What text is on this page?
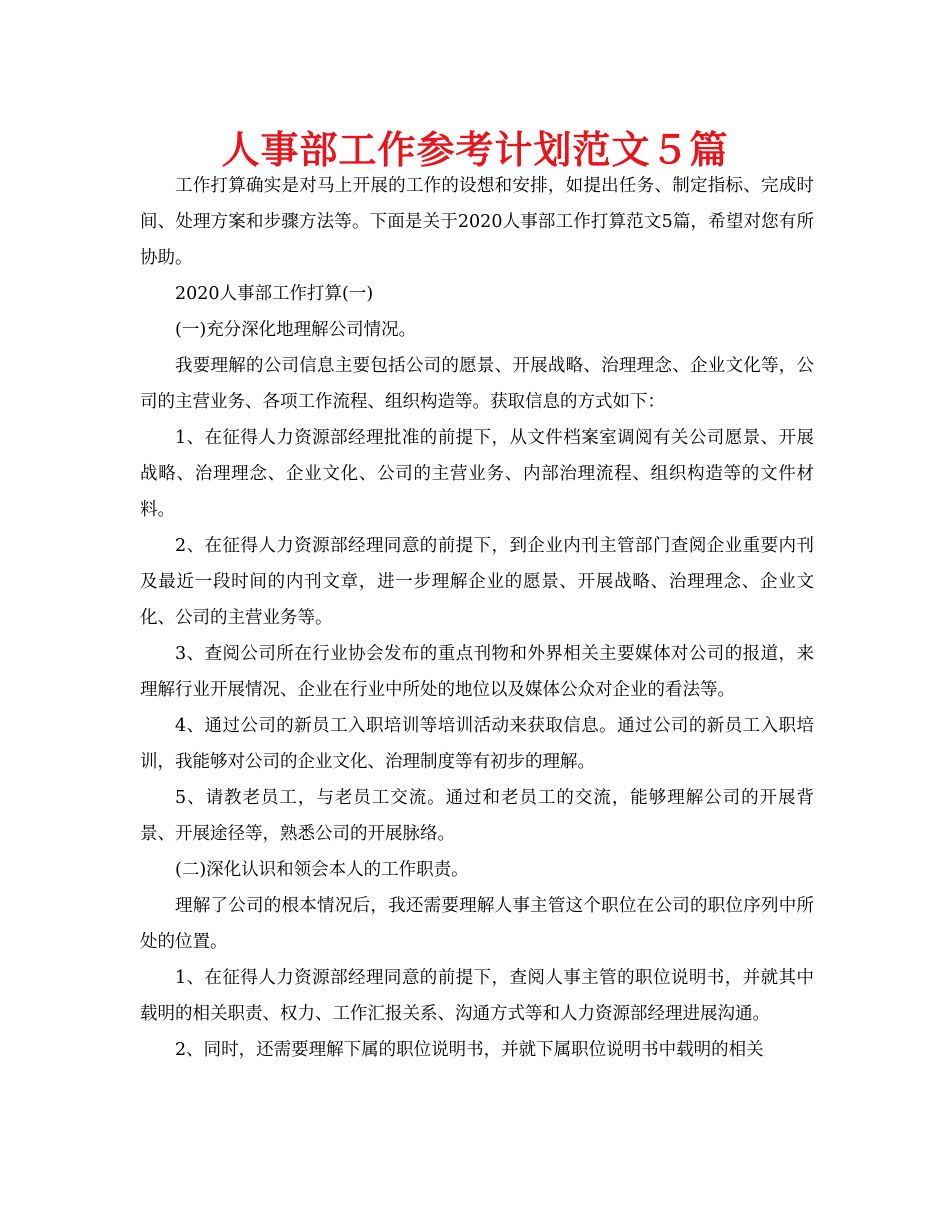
人事部工作参考计划范文５篇

工作打算确实是对马上开展的工作的设想和安排，如提出任务、制定指标、完成时间、处理方案和步骤方法等。下面是关于2020人事部工作打算范文5篇，希望对您有所协助。

2020人事部工作打算(一)

(一)充分深化地理解公司情况。

我要理解的公司信息主要包括公司的愿景、开展战略、治理理念、企业文化等，公司的主营业务、各项工作流程、组织构造等。获取信息的方式如下：

1、在征得人力资源部经理批准的前提下，从文件档案室调阅有关公司愿景、开展战略、治理理念、企业文化、公司的主营业务、内部治理流程、组织构造等的文件材料。

2、在征得人力资源部经理同意的前提下，到企业内刊主管部门查阅企业重要内刊及最近一段时间的内刊文章，进一步理解企业的愿景、开展战略、治理理念、企业文化、公司的主营业务等。

3、查阅公司所在行业协会发布的重点刊物和外界相关主要媒体对公司的报道，来理解行业开展情况、企业在行业中所处的地位以及媒体公众对企业的看法等。

4、通过公司的新员工入职培训等培训活动来获取信息。通过公司的新员工入职培训，我能够对公司的企业文化、治理制度等有初步的理解。

5、请教老员工，与老员工交流。通过和老员工的交流，能够理解公司的开展背景、开展途径等，熟悉公司的开展脉络。

(二)深化认识和领会本人的工作职责。

理解了公司的根本情况后，我还需要理解人事主管这个职位在公司的职位序列中所处的位置。

1、在征得人力资源部经理同意的前提下，查阅人事主管的职位说明书，并就其中载明的相关职责、权力、工作汇报关系、沟通方式等和人力资源部经理进展沟通。

2、同时，还需要理解下属的职位说明书，并就下属职位说明书中载明的相关
